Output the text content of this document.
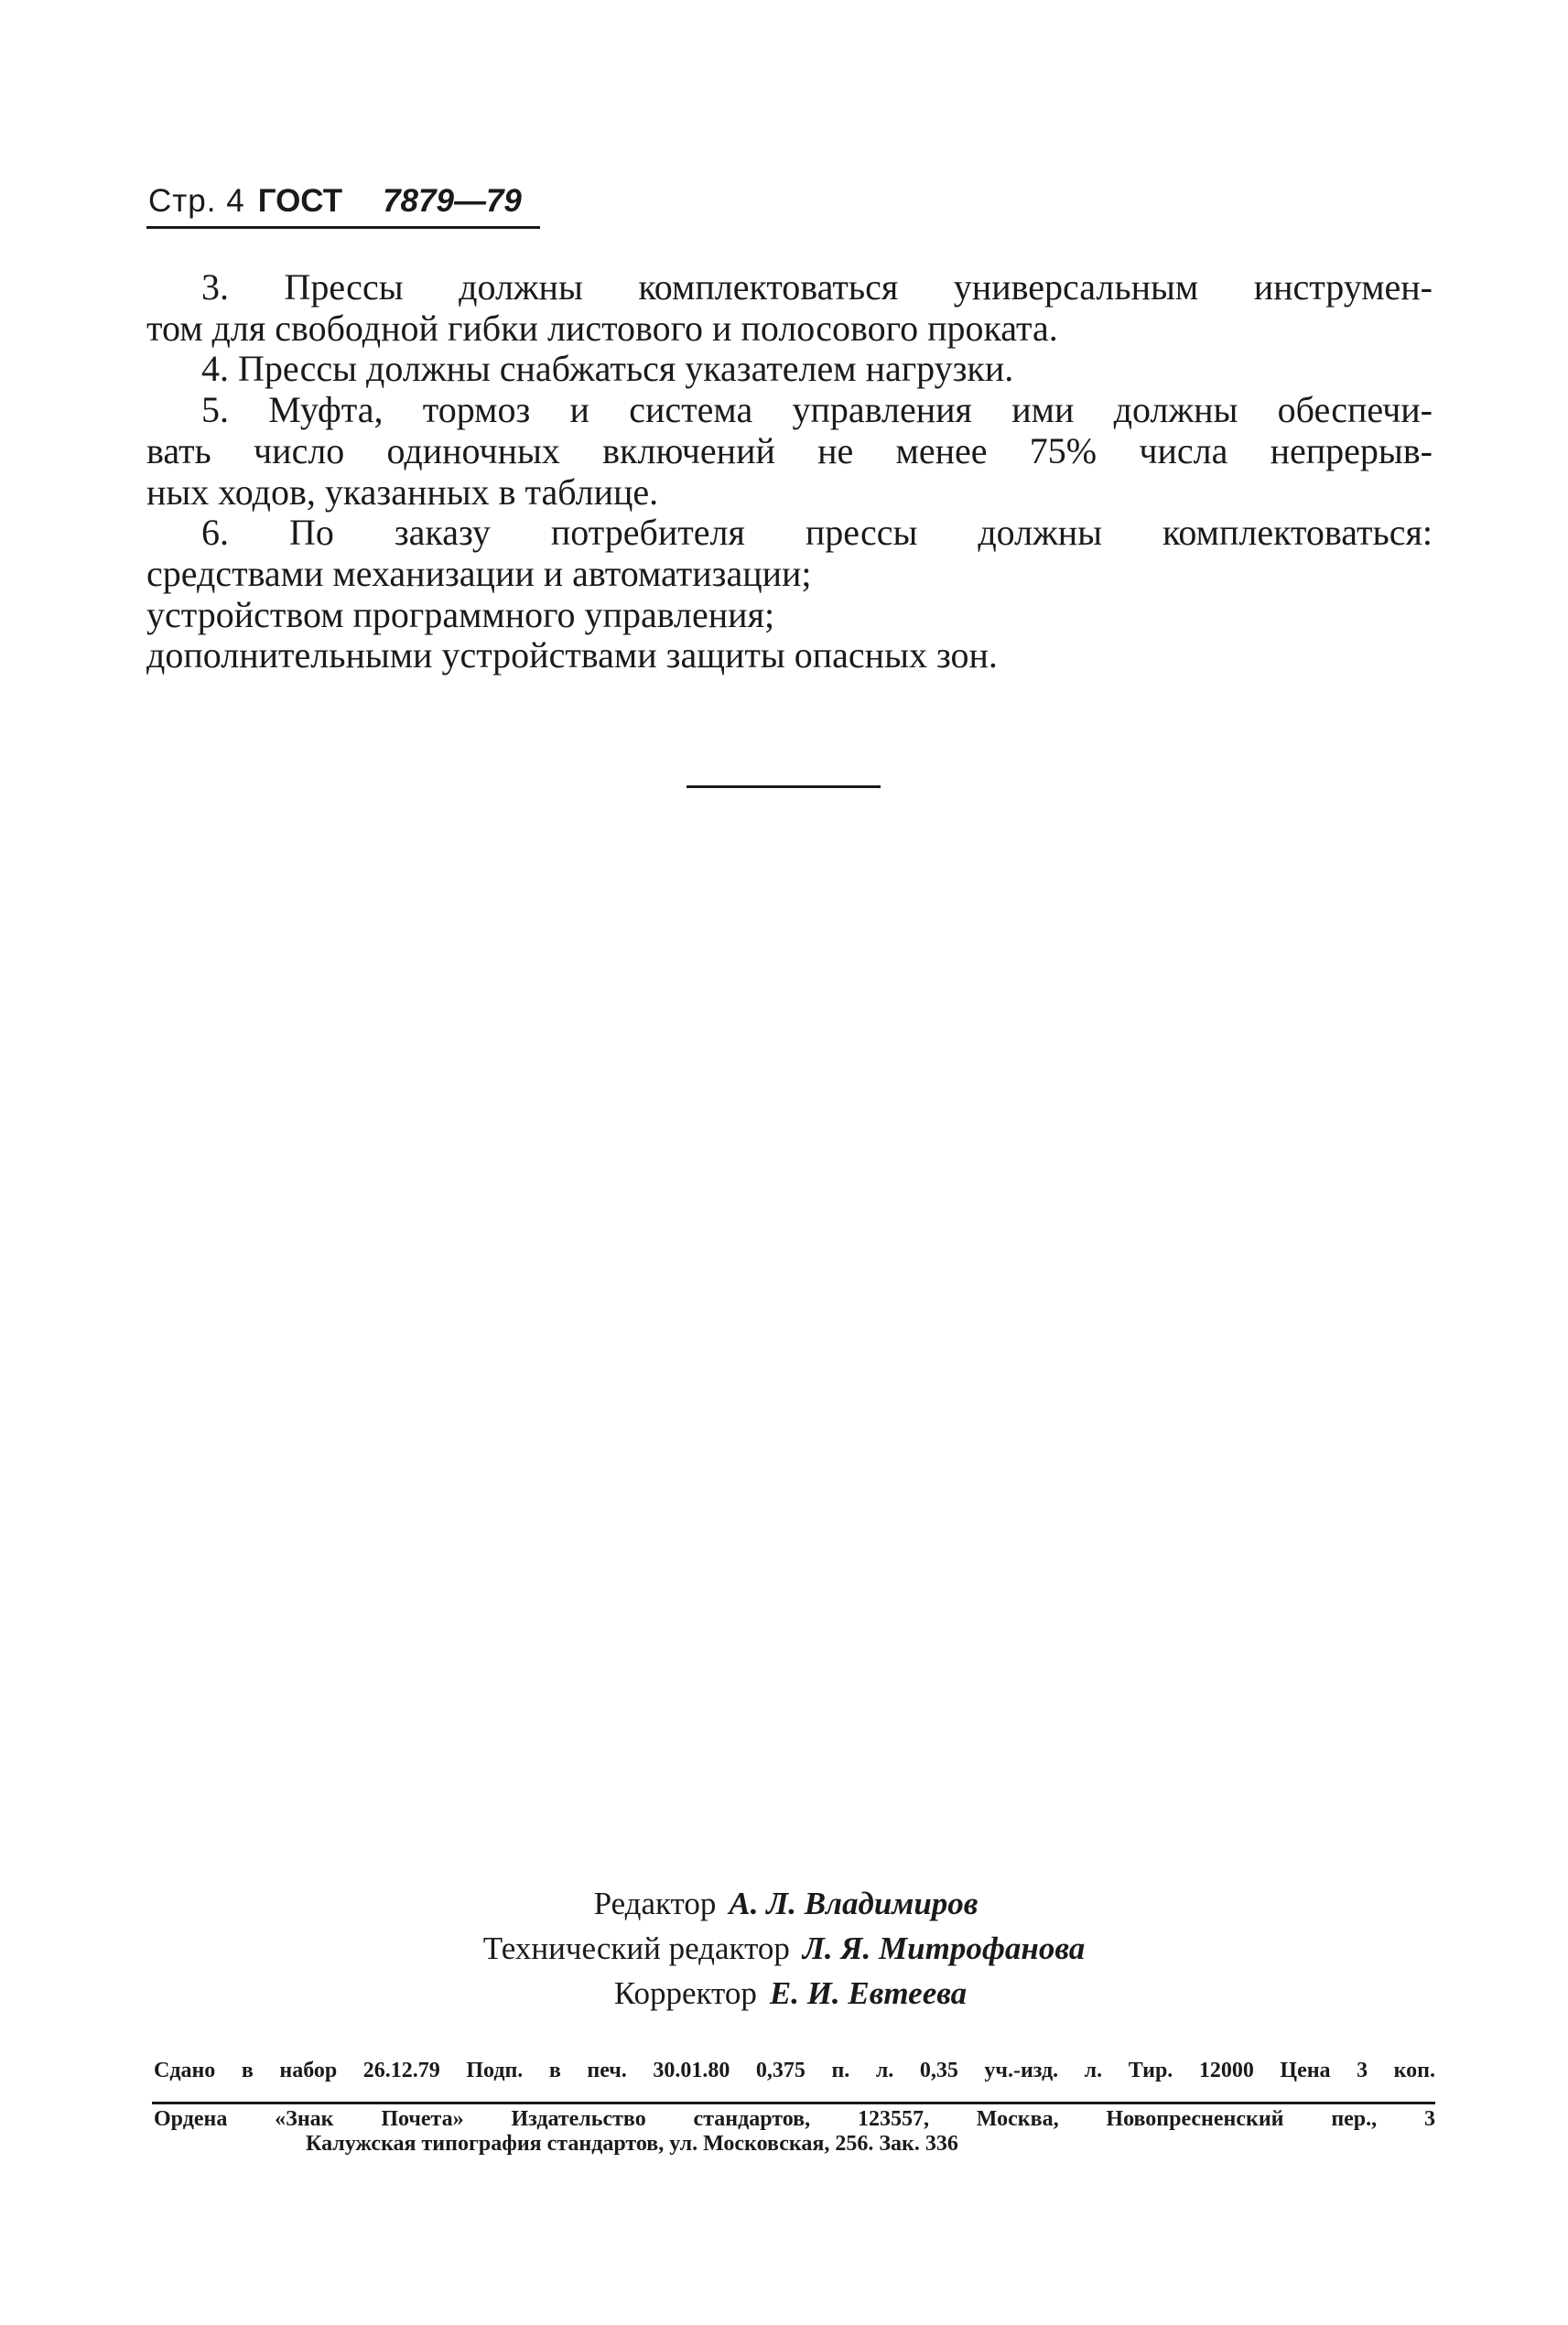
Стр. 4 ГОСТ 7879—79
3. Прессы должны комплектоваться универсальным инструмен-
том для свободной гибки листового и полосового проката.
4. Прессы должны снабжаться указателем нагрузки.
5. Муфта, тормоз и система управления ими должны обеспечи-
вать число одиночных включений не менее 75% числа непрерыв-
ных ходов, указанных в таблице.
6. По заказу потребителя прессы должны комплектоваться:
средствами механизации и автоматизации;
устройством программного управления;
дополнительными устройствами защиты опасных зон.
Редактор А. Л. Владимиров
Технический редактор Л. Я. Митрофанова
Корректор Е. И. Евтеева
Сдано в набор 26.12.79 Подп. в печ. 30.01.80 0,375 п. л. 0,35 уч.-изд. л. Тир. 12000 Цена 3 коп.
Ордена «Знак Почета» Издательство стандартов, 123557, Москва, Новопресненский пер., 3
Калужская типография стандартов, ул. Московская, 256. Зак. 336
